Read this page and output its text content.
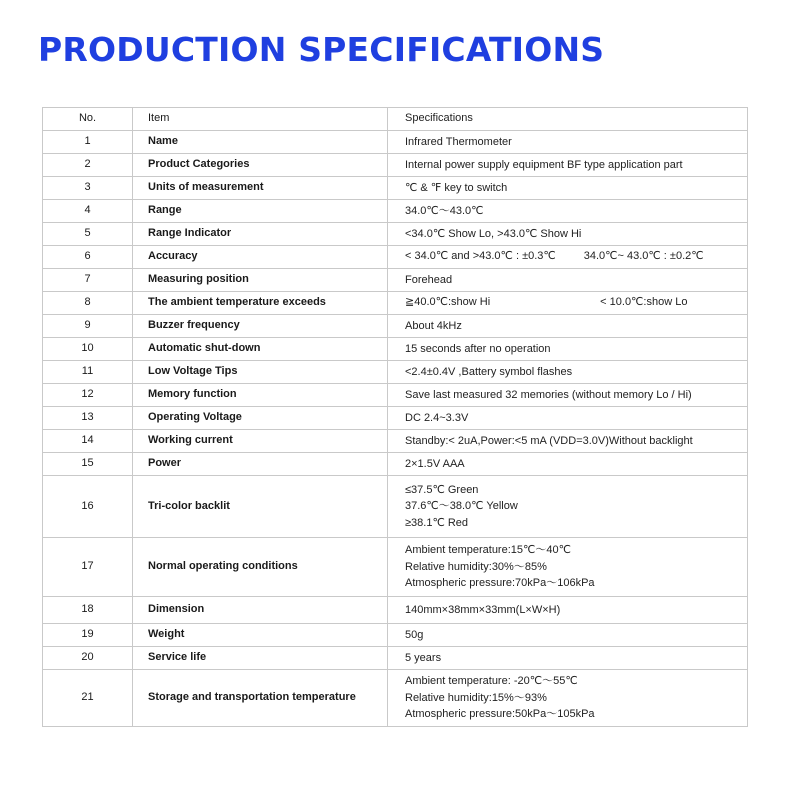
PRODUCTION SPECIFICATIONS
No.	Item	Specifications
1	Name	Infrared Thermometer

2	Product Categories	Internal power supply equipment BF type application part

3	Units of measurement	℃ & ℉ key to switch

4	Range	34.0℃～43.0℃

5	Range Indicator	<34.0℃ Show Lo, >43.0℃ Show Hi

6	Accuracy	< 34.0℃ and >43.0℃ : ±0.3℃ 34.0℃~ 43.0℃ : ±0.2℃
7	Measuring position	Forehead

8	The ambient temperature exceeds	≧40.0℃:show Hi < 10.0℃:show Lo
9	Buzzer frequency	About 4kHz

10	Automatic shut-down	15 seconds after no operation

11	Low Voltage Tips	<2.4±0.4V ,Battery symbol flashes

12	Memory function	Save last measured 32 memories (without memory Lo / Hi)

13	Operating Voltage	DC 2.4~3.3V

14	Working current	Standby:< 2uA,Power:<5 mA (VDD=3.0V)Without backlight

15	Power	2×1.5V AAA

16	Tri-color backlit	≤37.5℃ Green
37.6℃～38.0℃ Yellow
≥38.1℃ Red

17	Normal operating conditions	Ambient temperature:15℃～40℃
Relative humidity:30%～85%
Atmospheric pressure:70kPa～106kPa

18	Dimension	140mm×38mm×33mm(L×W×H)

19	Weight	50g

20	Service life	5 years

21	Storage and transportation temperature	Ambient temperature: -20℃～55℃
Relative humidity:15%～93%
Atmospheric pressure:50kPa～105kPa
